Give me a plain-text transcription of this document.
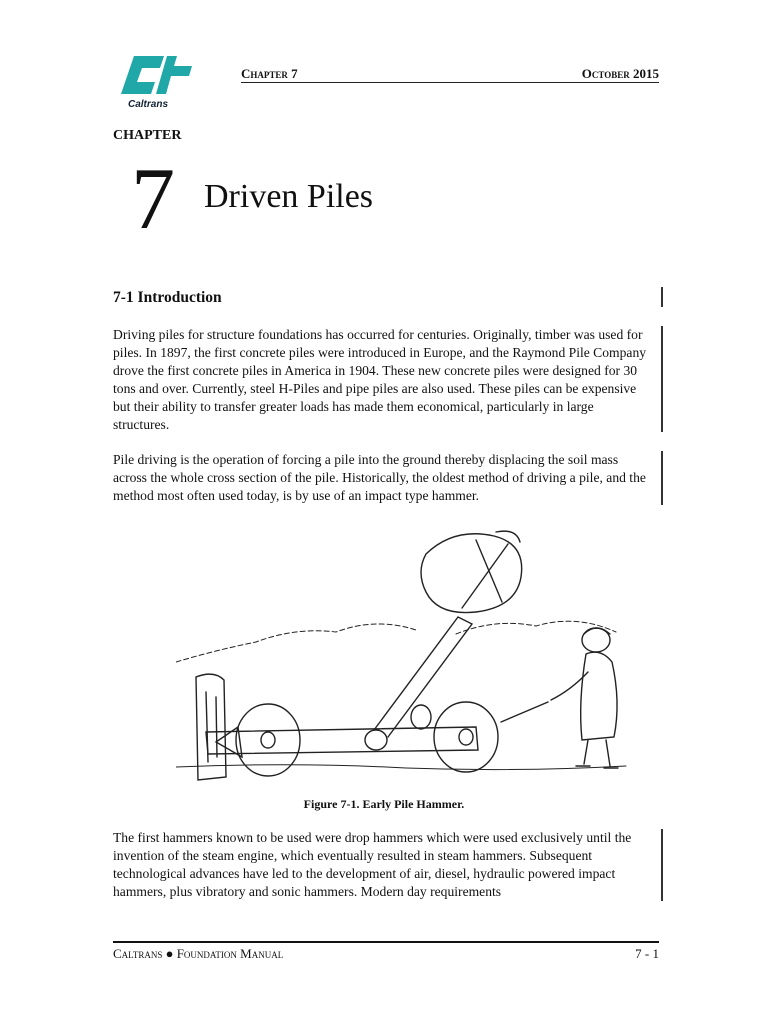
Caltrans
Chapter 7	October 2015
CHAPTER
7 Driven Piles
7-1 Introduction
Driving piles for structure foundations has occurred for centuries. Originally, timber was used for piles. In 1897, the first concrete piles were introduced in Europe, and the Raymond Pile Company drove the first concrete piles in America in 1904. These new concrete piles were designed for 30 tons and over. Currently, steel H-Piles and pipe piles are also used. These piles can be expensive but their ability to transfer greater loads has made them economical, particularly in large structures.
Pile driving is the operation of forcing a pile into the ground thereby displacing the soil mass across the whole cross section of the pile. Historically, the oldest method of driving a pile, and the method most often used today, is by use of an impact type hammer.
Figure 7-1. Early Pile Hammer.
The first hammers known to be used were drop hammers which were used exclusively until the invention of the steam engine, which eventually resulted in steam hammers. Subsequent technological advances have led to the development of air, diesel, hydraulic powered impact hammers, plus vibratory and sonic hammers. Modern day requirements
Caltrans ● Foundation Manual	7 - 1
